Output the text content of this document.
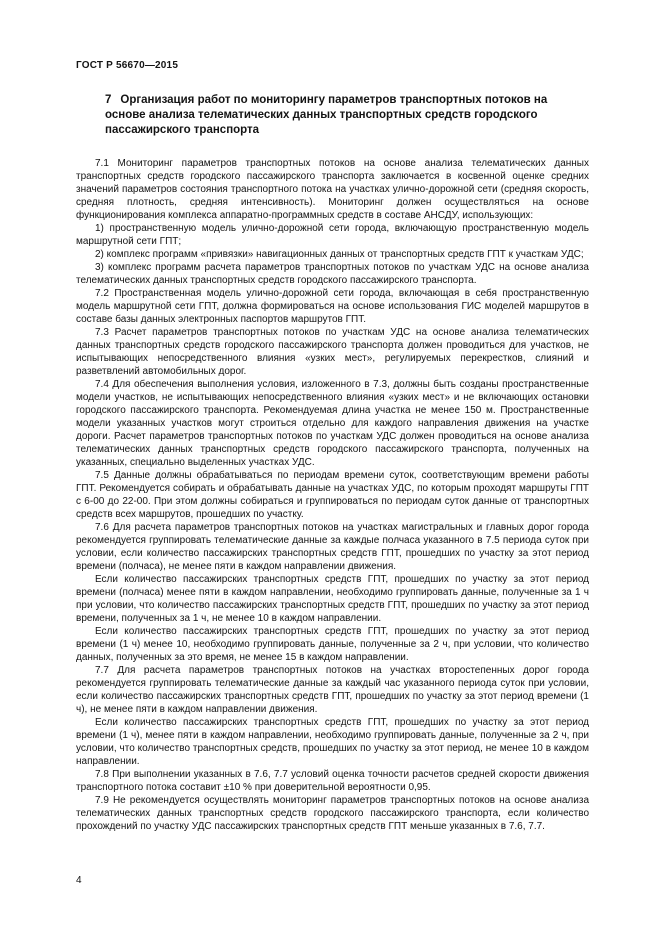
ГОСТ Р 56670—2015
7 Организация работ по мониторингу параметров транспортных потоков на основе анализа телематических данных транспортных средств городского пассажирского транспорта

7.1 Мониторинг параметров транспортных потоков на основе анализа телематических данных транспортных средств городского пассажирского транспорта заключается в косвенной оценке средних значений параметров состояния транспортного потока на участках улично-дорожной сети (средняя скорость, средняя плотность, средняя интенсивность). Мониторинг должен осуществляться на основе функционирования комплекса аппаратно-программных средств в составе АНСДУ, использующих:

1) пространственную модель улично-дорожной сети города, включающую пространственную модель маршрутной сети ГПТ;

2) комплекс программ «привязки» навигационных данных от транспортных средств ГПТ к участкам УДС;

3) комплекс программ расчета параметров транспортных потоков по участкам УДС на основе анализа телематических данных транспортных средств городского пассажирского транспорта.

7.2 Пространственная модель улично-дорожной сети города, включающая в себя пространственную модель маршрутной сети ГПТ, должна формироваться на основе использования ГИС моделей маршрутов в составе базы данных электронных паспортов маршрутов ГПТ.

7.3 Расчет параметров транспортных потоков по участкам УДС на основе анализа телематических данных транспортных средств городского пассажирского транспорта должен проводиться для участков, не испытывающих непосредственного влияния «узких мест», регулируемых перекрестков, слияний и разветвлений автомобильных дорог.

7.4 Для обеспечения выполнения условия, изложенного в 7.3, должны быть созданы пространственные модели участков, не испытывающих непосредственного влияния «узких мест» и не включающих остановки городского пассажирского транспорта. Рекомендуемая длина участка не менее 150 м. Пространственные модели указанных участков могут строиться отдельно для каждого направления движения на участке дороги. Расчет параметров транспортных потоков по участкам УДС должен проводиться на основе анализа телематических данных транспортных средств городского пассажирского транспорта, полученных на указанных, специально выделенных участках УДС.

7.5 Данные должны обрабатываться по периодам времени суток, соответствующим времени работы ГПТ. Рекомендуется собирать и обрабатывать данные на участках УДС, по которым проходят маршруты ГПТ с 6-00 до 22-00. При этом должны собираться и группироваться по периодам суток данные от транспортных средств всех маршрутов, прошедших по участку.

7.6 Для расчета параметров транспортных потоков на участках магистральных и главных дорог города рекомендуется группировать телематические данные за каждые полчаса указанного в 7.5 периода суток при условии, если количество пассажирских транспортных средств ГПТ, прошедших по участку за этот период времени (полчаса), не менее пяти в каждом направлении движения.

Если количество пассажирских транспортных средств ГПТ, прошедших по участку за этот период времени (полчаса) менее пяти в каждом направлении, необходимо группировать данные, полученные за 1 ч при условии, что количество пассажирских транспортных средств ГПТ, прошедших по участку за этот период времени, полученных за 1 ч, не менее 10 в каждом направлении.

Если количество пассажирских транспортных средств ГПТ, прошедших по участку за этот период времени (1 ч) менее 10, необходимо группировать данные, полученные за 2 ч, при условии, что количество данных, полученных за это время, не менее 15 в каждом направлении.

7.7 Для расчета параметров транспортных потоков на участках второстепенных дорог города рекомендуется группировать телематические данные за каждый час указанного периода суток при условии, если количество пассажирских транспортных средств ГПТ, прошедших по участку за этот период времени (1 ч), не менее пяти в каждом направлении движения.

Если количество пассажирских транспортных средств ГПТ, прошедших по участку за этот период времени (1 ч), менее пяти в каждом направлении, необходимо группировать данные, полученные за 2 ч, при условии, что количество транспортных средств, прошедших по участку за этот период, не менее 10 в каждом направлении.

7.8 При выполнении указанных в 7.6, 7.7 условий оценка точности расчетов средней скорости движения транспортного потока составит ±10 % при доверительной вероятности 0,95.

7.9 Не рекомендуется осуществлять мониторинг параметров транспортных потоков на основе анализа телематических данных транспортных средств городского пассажирского транспорта, если количество прохождений по участку УДС пассажирских транспортных средств ГПТ меньше указанных в 7.6, 7.7.

4
